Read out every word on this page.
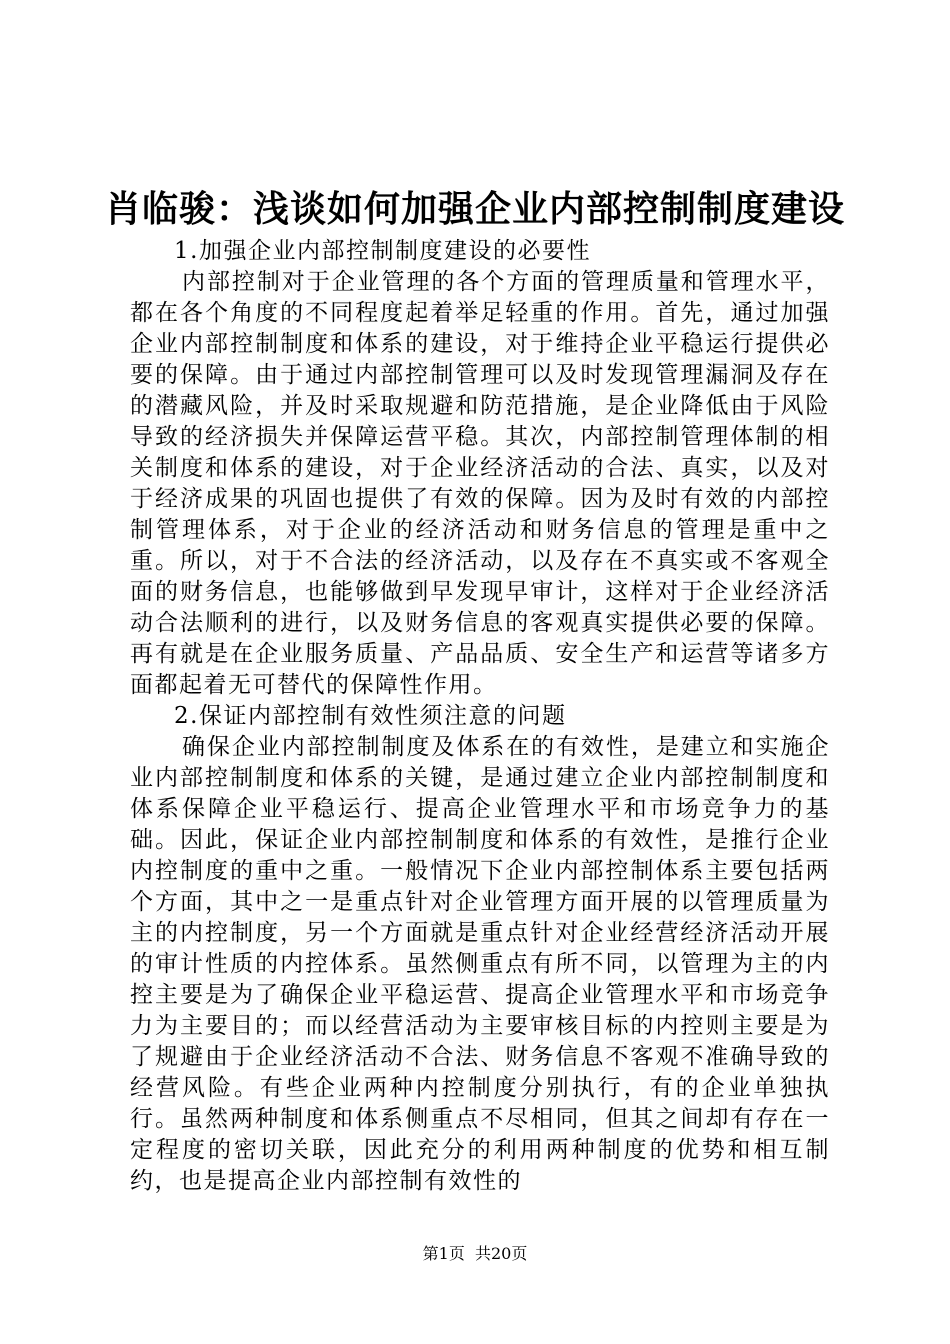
肖临骏：浅谈如何加强企业内部控制制度建设

1.加强企业内部控制制度建设的必要性

内部控制对于企业管理的各个方面的管理质量和管理水平，都在各个角度的不同程度起着举足轻重的作用。首先，通过加强企业内部控制制度和体系的建设，对于维持企业平稳运行提供必要的保障。由于通过内部控制管理可以及时发现管理漏洞及存在的潜藏风险，并及时采取规避和防范措施，是企业降低由于风险导致的经济损失并保障运营平稳。其次，内部控制管理体制的相关制度和体系的建设，对于企业经济活动的合法、真实，以及对于经济成果的巩固也提供了有效的保障。因为及时有效的内部控制管理体系，对于企业的经济活动和财务信息的管理是重中之重。所以，对于不合法的经济活动，以及存在不真实或不客观全面的财务信息，也能够做到早发现早审计，这样对于企业经济活动合法顺利的进行，以及财务信息的客观真实提供必要的保障。再有就是在企业服务质量、产品品质、安全生产和运营等诸多方面都起着无可替代的保障性作用。

2.保证内部控制有效性须注意的问题

确保企业内部控制制度及体系在的有效性，是建立和实施企业内部控制制度和体系的关键，是通过建立企业内部控制制度和体系保障企业平稳运行、提高企业管理水平和市场竞争力的基础。因此，保证企业内部控制制度和体系的有效性，是推行企业内控制度的重中之重。一般情况下企业内部控制体系主要包括两个方面，其中之一是重点针对企业管理方面开展的以管理质量为主的内控制度，另一个方面就是重点针对企业经营经济活动开展的审计性质的内控体系。虽然侧重点有所不同，以管理为主的内控主要是为了确保企业平稳运营、提高企业管理水平和市场竞争力为主要目的；而以经营活动为主要审核目标的内控则主要是为了规避由于企业经济活动不合法、财务信息不客观不准确导致的经营风险。有些企业两种内控制度分别执行，有的企业单独执行。虽然两种制度和体系侧重点不尽相同，但其之间却有存在一定程度的密切关联，因此充分的利用两种制度的优势和相互制约，也是提高企业内部控制有效性的

第1页  共20页
